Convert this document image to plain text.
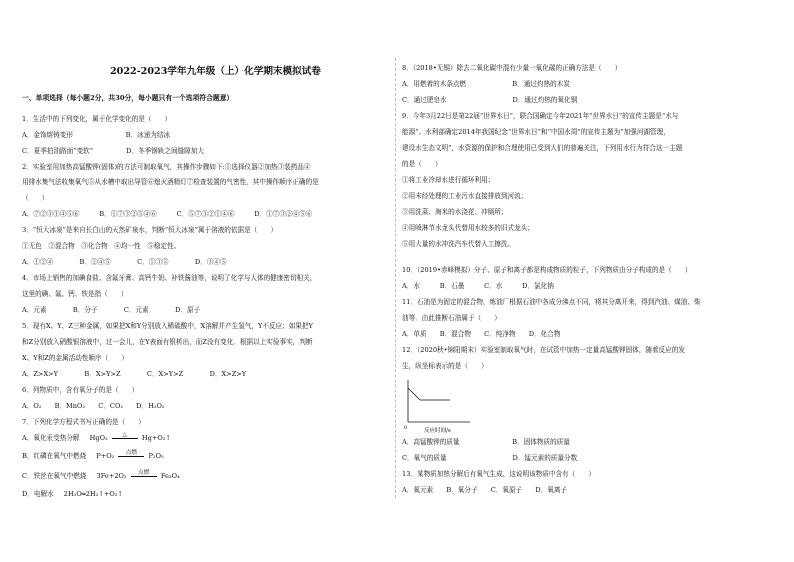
2022-2023学年九年级（上）化学期末模拟试卷
一、单项选择（每小题2分，共30分，每小题只有一个选项符合题意）
1．生活中的下列变化，属于化学变化的是（　　）
A．金饰熔铸变形　　　　　　　　B．冰递为结冰
C．夏季拍油路面“变软”　　　　　D．冬季钢轨之间缝隙加大
2．实验室用加热高锰酸钾(固体)的方法可制取氧气，其操作步骤如下:①选择仪器②加热③装药品④
用排水集气法收集氧气⑤从水槽中取出导管⑥熄灭酒精灯⑦检查装置的气密性，其中操作顺序正确的是
（　　）
A．⑦②③①④⑤⑥　　　B．①⑦③②⑤④⑥　　　C．⑤⑦③②①④⑥　　　D．①⑦③②④⑤⑥
3．“恒大冰泉”是来自长白山的天然矿泉水，判断“恒大冰泉”属于溶液的依据是（　　）
①无色　②混合物　③化合物　④均一性　⑤稳定性。
A．①②④　　　　B．②④⑤　　　　C．①③⑤　　　　D．③④⑤
4．市场上销售的加碘食盐、含氟牙膏、高钙牛奶、补铁酱油等，说明了化学与人体的健康密切相关，
这里的碘、氟、钙、铁是指（　　）
A．元素　　　　B．分子　　　　C．元素　　　　D．原子
5．现有X、Y、Z三种金属，如果把X和Y分别放入稀硫酸中，X溶解并产生氢气，Y不反应；如果把Y
和Z分别放入硝酸银溶液中，过一会儿，在Y表面有银析出，而Z没有变化．根据以上实验事实，判断
X、Y和Z的金属活动性顺序（　　）
A．Z>X>Y　　　　B．X>Y>Z　　　　C．X>Y>Z　　　　D．X>Z>Y
6．列物质中，含有氧分子的是（　　）
A．O₂　　B．MnO₂　　C．CO₂　　D．H₂O₂
7．下列化学方程式书写正确的是（　　）
A．氧化汞受热分解 HgO₂	△	Hg+O₂↑
B．红磷在氧气中燃烧 P+O₂	点燃	P₂O₅
C．铁丝在氧气中燃烧 3Fe+2O₂	点燃	Fe₃O₄
D．电解水 2H₂O═2H₂↑+O₂↑
8．（2018•无锡）除去二氧化碳中混有少量一氧化碳的正确方法是（　　）
A．用燃着的木条点燃　　　　　　　B．通过灼热的木炭
C．通过肥皂水　　　　　　　　　　D．通过灼热的氧化铜
9．今年3月22日是第22届“世界水日”，联合国确定今年2021年“世界水日”的宣传主题是“水与
能源”。水利部确定2014年我国纪念“世界水日”和“中国水周”的宣传主题为“加强河湖管理，
建设水生态文明”，水资源的保护和合理使用已受到人们的普遍关注，下列用水行为符合这一主题
的是（　　）
①将工业冷却水进行循环利用；
②用未经处理的工业污水直接排放到河流；
③用洗菜、淘米的水浇花、冲厕所；
④用喷淋节水龙头代替用水较多的旧式龙头；
⑤用大量的水冲洗汽车代替人工擦洗。
10．（2019•赤峰模拟）分子、原子和离子都是构成物质的粒子，下列物质由分子构成的是（　　）
A．水　　　B．石墨　　　C．水　　　D．氯化钠
11．石油是为固定的混合物，炼油厂根据石油中各成分沸点不同，将其分离开来，得到汽油、煤油、柴
油等．由此推断石油属于（　　）
A．单质　　B．混合物　　C．纯净物　　D．化合物
12．（2020秋•锦阳期末）实验室制取氧气时，在试管中加热一定量高锰酸钾固体，随着反应的发
生，纵坐标表示的是（　　）
A．高锰酸钾的质量　　　　　　　　B．固体物质的质量
C．氧气的质量　　　　　　　　　　D．锰元素的质量分数
13．某物质加热分解后有氧气生成，这说明该物质中含有（　　）
A．氧元素　　B．氧分子　　C．氧原子　　D．氧离子
0	反应时间/s
